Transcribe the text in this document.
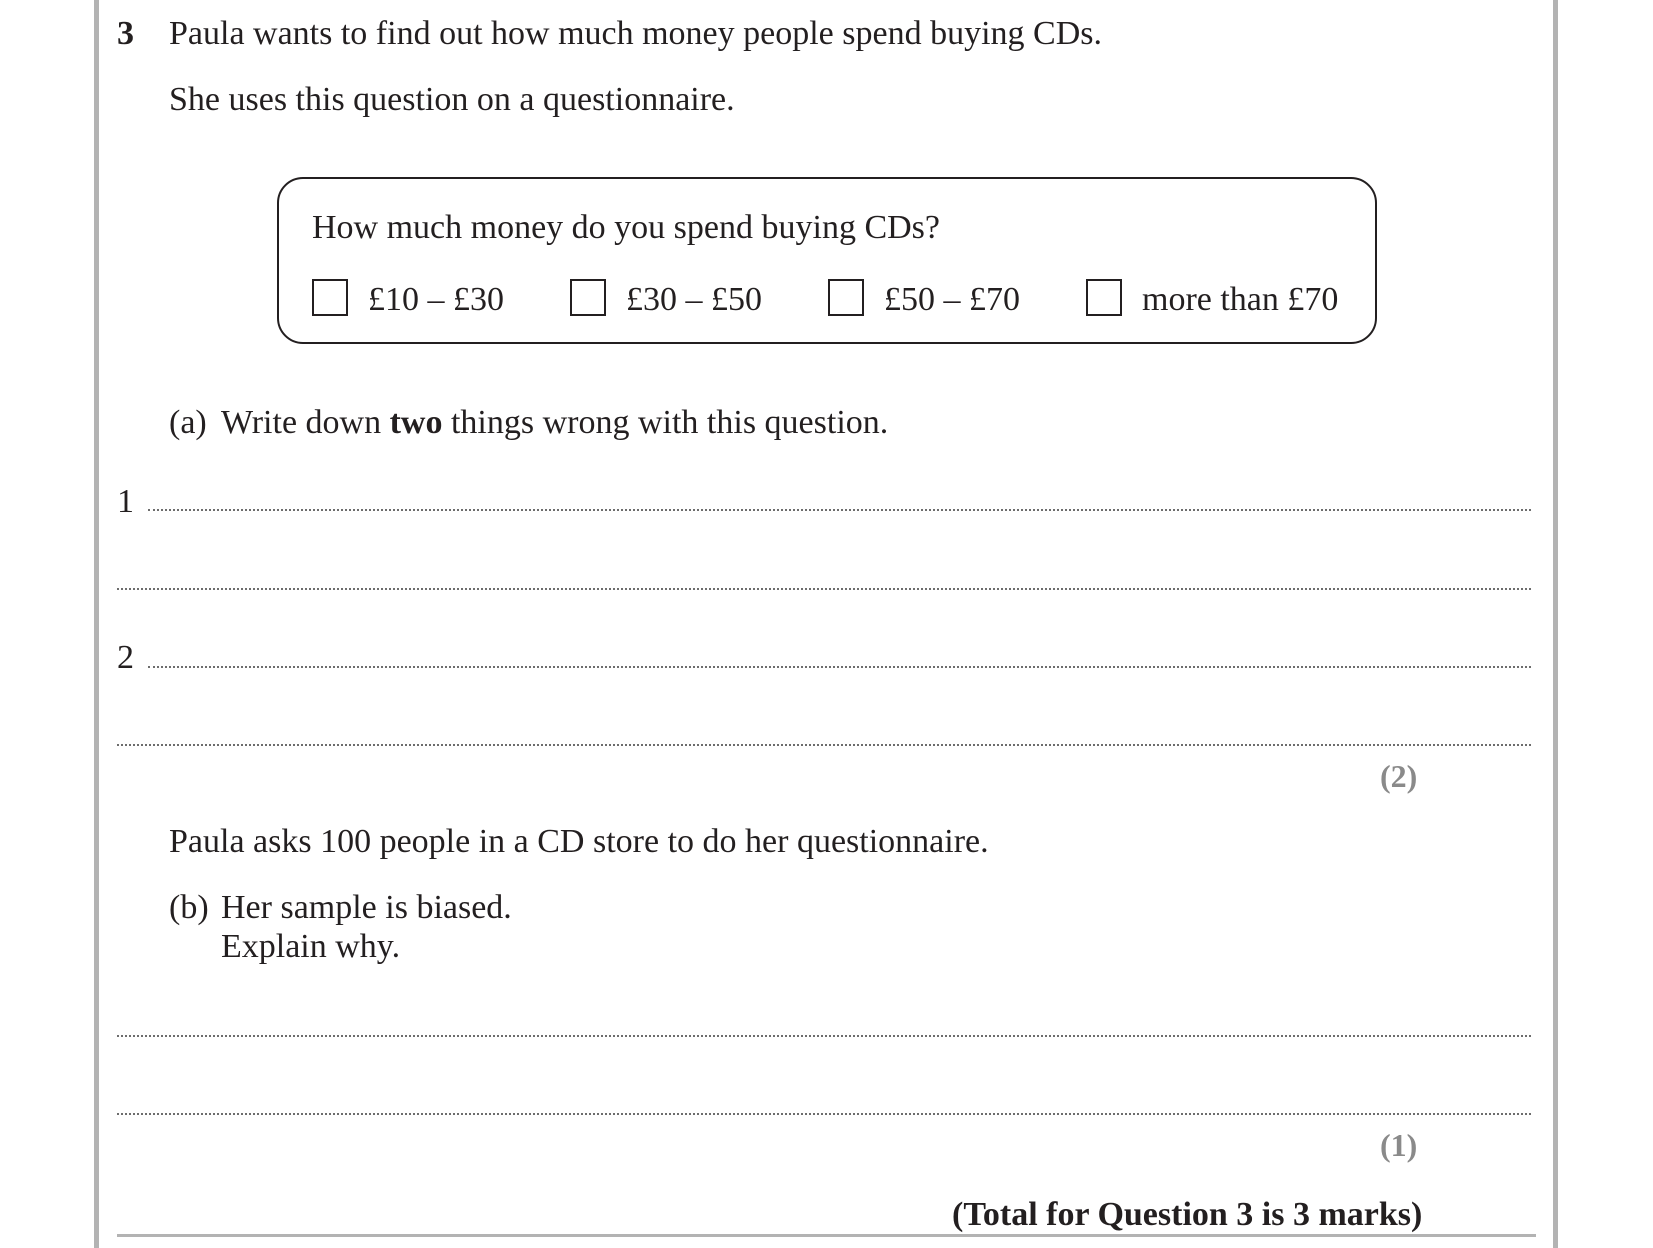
3 Paula wants to find out how much money people spend buying CDs.
She uses this question on a questionnaire.
How much money do you spend buying CDs?
£10 – £30	£30 – £50	£50 – £70	more than £70
(a) Write down two things wrong with this question.
1
2
(2)
Paula asks 100 people in a CD store to do her questionnaire.
(b) Her sample is biased.
Explain why.
(1)
(Total for Question 3 is 3 marks)
